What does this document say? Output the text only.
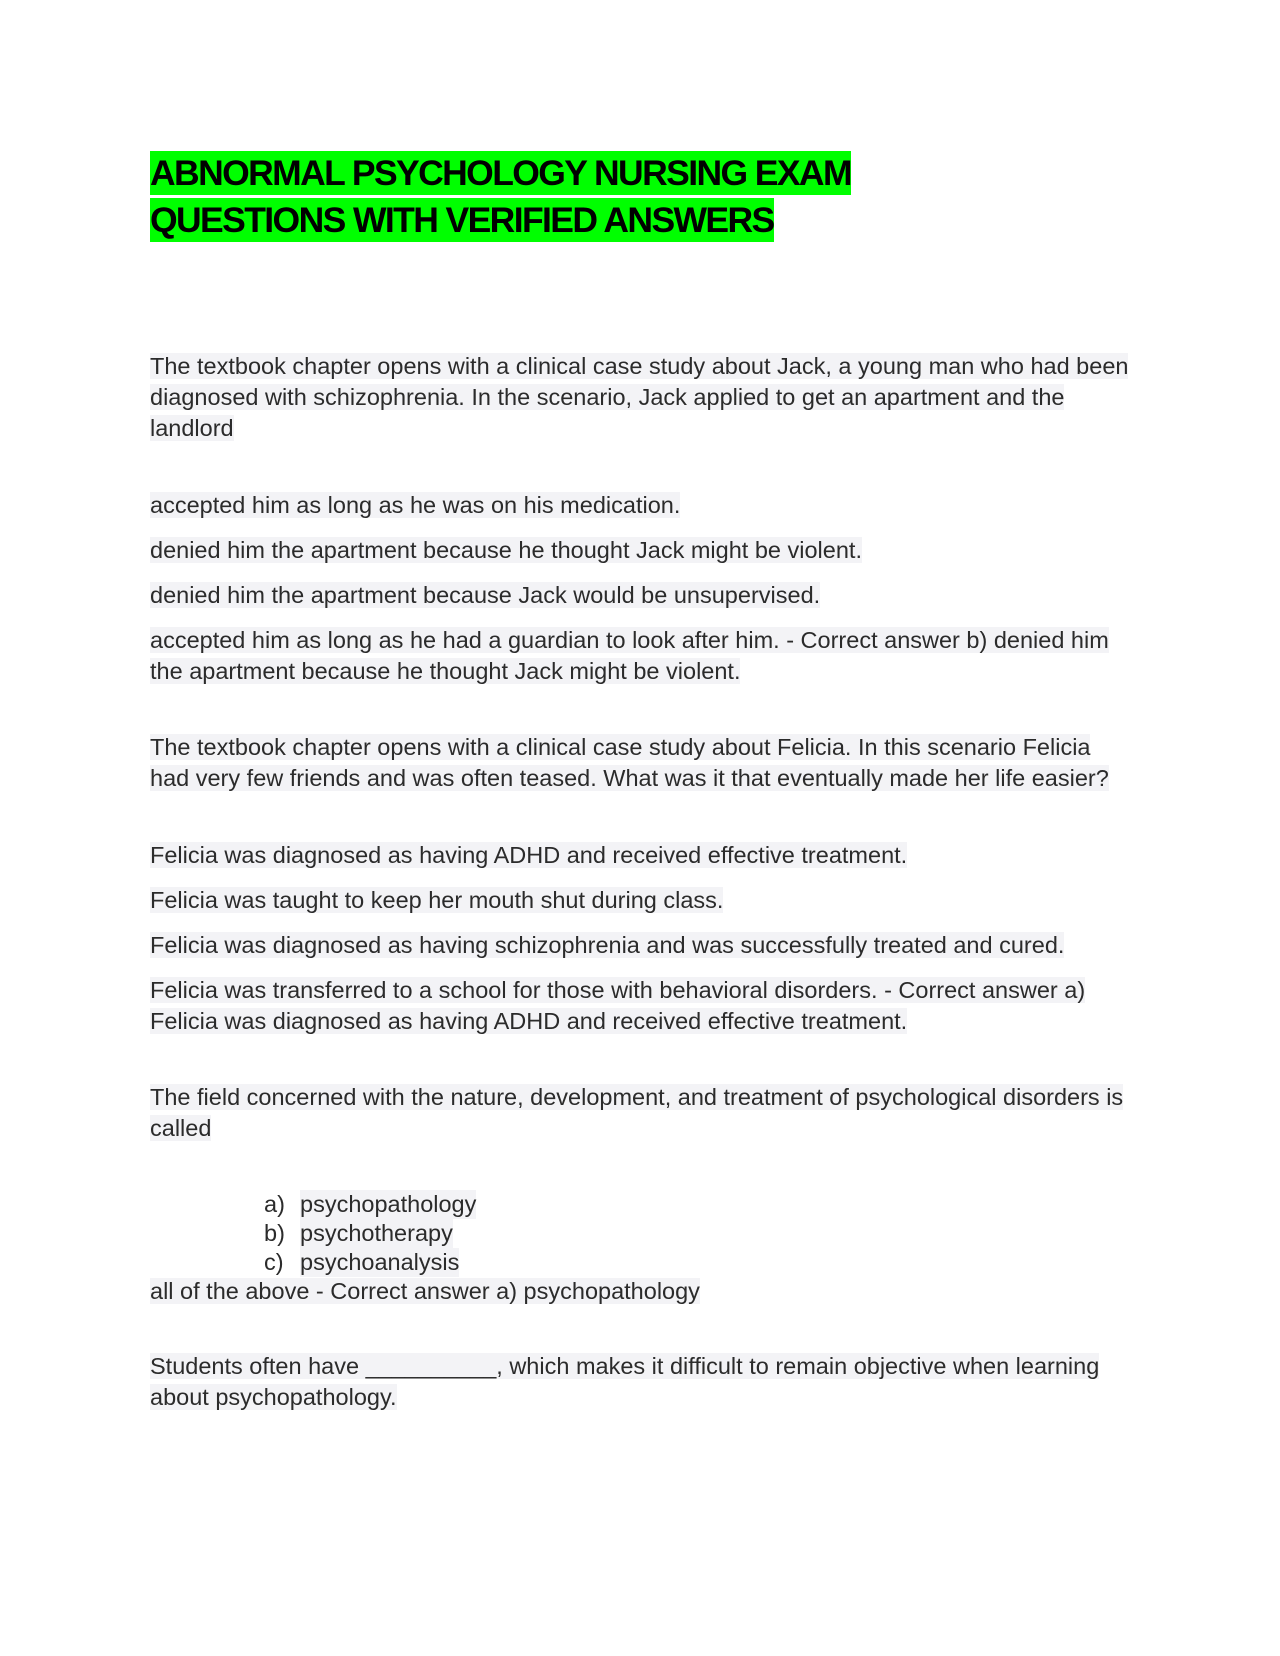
ABNORMAL PSYCHOLOGY NURSING EXAM
QUESTIONS WITH VERIFIED ANSWERS

The textbook chapter opens with a clinical case study about Jack, a young man who had been diagnosed with schizophrenia. In the scenario, Jack applied to get an apartment and the landlord

accepted him as long as he was on his medication.

denied him the apartment because he thought Jack might be violent.

denied him the apartment because Jack would be unsupervised.

accepted him as long as he had a guardian to look after him. - Correct answer b) denied him the apartment because he thought Jack might be violent.

The textbook chapter opens with a clinical case study about Felicia. In this scenario Felicia had very few friends and was often teased. What was it that eventually made her life easier?

Felicia was diagnosed as having ADHD and received effective treatment.

Felicia was taught to keep her mouth shut during class.

Felicia was diagnosed as having schizophrenia and was successfully treated and cured.

Felicia was transferred to a school for those with behavioral disorders. - Correct answer a) Felicia was diagnosed as having ADHD and received effective treatment.

The field concerned with the nature, development, and treatment of psychological disorders is called

a) psychopathology
b) psychotherapy
c) psychoanalysis

all of the above - Correct answer a) psychopathology

Students often have __________, which makes it difficult to remain objective when learning about psychopathology.
